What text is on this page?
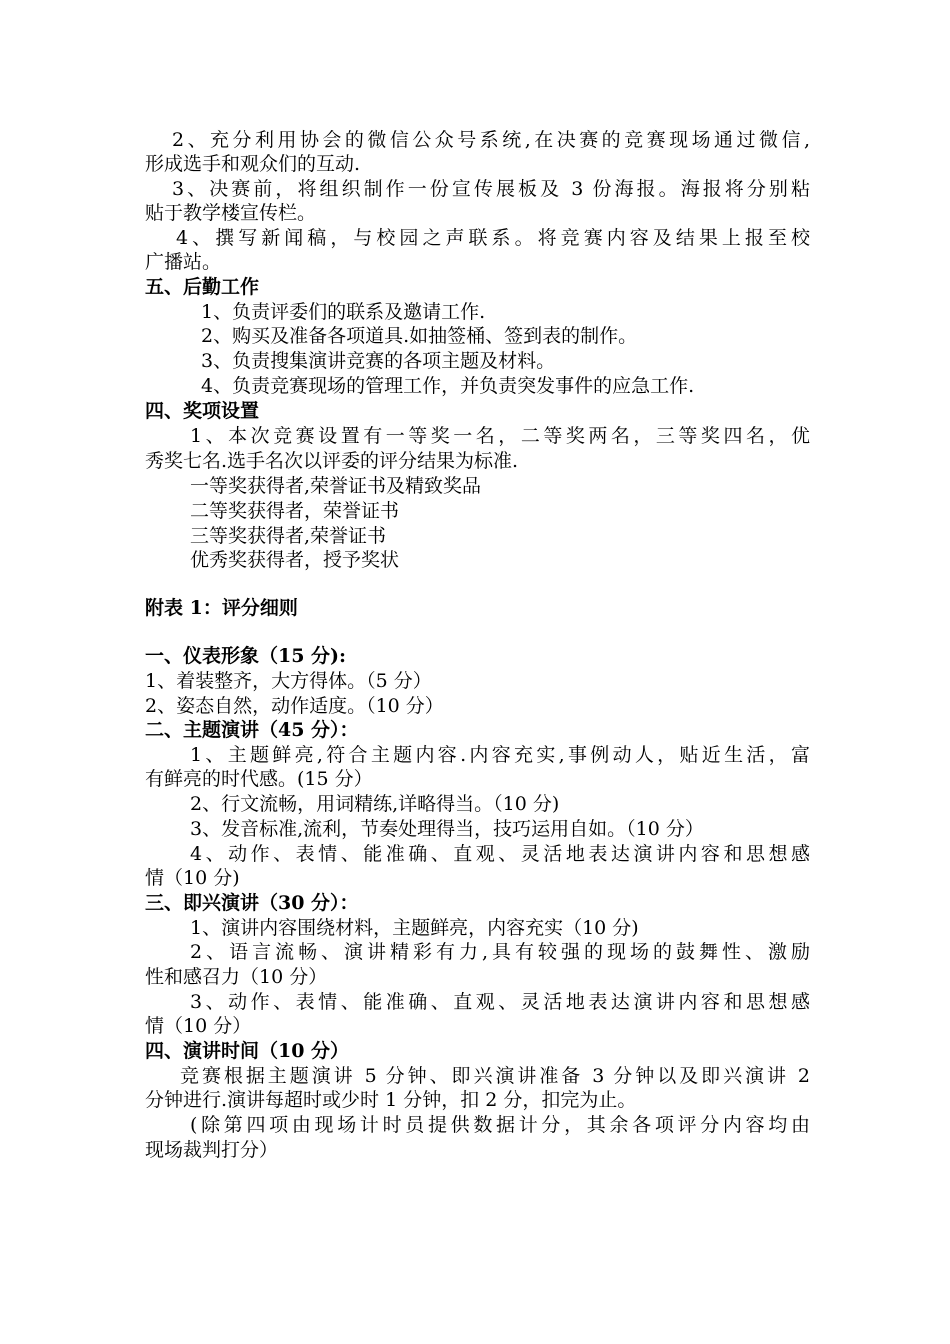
2、充分利用协会的微信公众号系统,在决赛的竞赛现场通过微信,
形成选手和观众们的互动.
3、决赛前，将组织制作一份宣传展板及 3 份海报。海报将分别粘
贴于教学楼宣传栏。
4、撰写新闻稿，与校园之声联系。将竞赛内容及结果上报至校
广播站。
五、后勤工作
1、负责评委们的联系及邀请工作.
2、购买及准备各项道具.如抽签桶、签到表的制作。
3、负责搜集演讲竞赛的各项主题及材料。
4、负责竞赛现场的管理工作，并负责突发事件的应急工作.
四、奖项设置
1、本次竞赛设置有一等奖一名，二等奖两名，三等奖四名，优
秀奖七名.选手名次以评委的评分结果为标准.
一等奖获得者,荣誉证书及精致奖品
二等奖获得者，荣誉证书
三等奖获得者,荣誉证书
优秀奖获得者，授予奖状
附表 1：评分细则
一、仪表形象（15 分):
1、着装整齐，大方得体。（5 分）
2、姿态自然，动作适度。（10 分）
二、主题演讲（45 分）：
1、主题鲜亮,符合主题内容.内容充实,事例动人，贴近生活，富
有鲜亮的时代感。(15 分）
2、行文流畅，用词精练,详略得当。（10 分)
3、发音标准,流利，节奏处理得当，技巧运用自如。（10 分）
4、动作、表情、能准确、直观、灵活地表达演讲内容和思想感
情（10 分)
三、即兴演讲（30 分）：
1、演讲内容围绕材料，主题鲜亮，内容充实（10 分)
2、语言流畅、演讲精彩有力,具有较强的现场的鼓舞性、激励
性和感召力（10 分）
3、动作、表情、能准确、直观、灵活地表达演讲内容和思想感
情（10 分）
四、演讲时间（10 分）
竞赛根据主题演讲 5 分钟、即兴演讲准备 3 分钟以及即兴演讲 2
分钟进行.演讲每超时或少时 1 分钟，扣 2 分，扣完为止。
(除第四项由现场计时员提供数据计分，其余各项评分内容均由
现场裁判打分）
